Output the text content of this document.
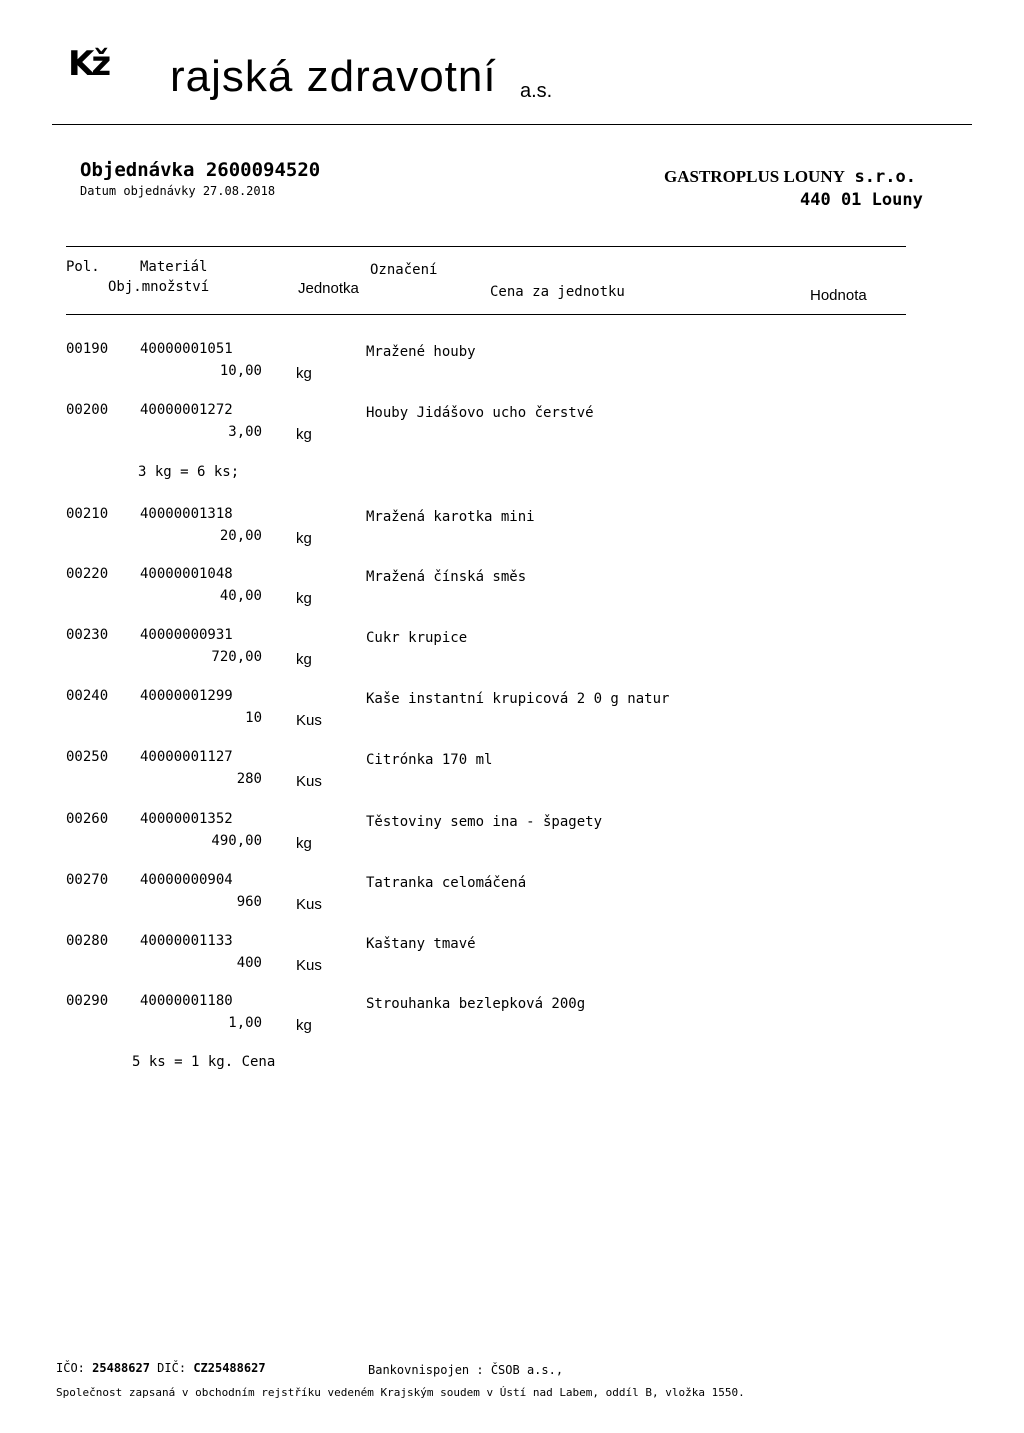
Kž rajská zdravotní a.s.
Objednávka 2600094520
Datum objednávky 27.08.2018
GASTROPLUS LOUNY s.r.o.
440 01 Louny
Pol.	Materiál	Označení
Obj.množství	Jednotka	Cena za jednotku	Hodnota
00190 40000001051	Mražené houby
10,00 kg
00200 40000001272	Houby Jidášovo ucho čerstvé
3,00 kg
00210 40000001318	Mražená karotka mini
20,00 kg
00220 40000001048	Mražená čínská směs
40,00 kg
00230 40000000931	Cukr krupice
720,00 kg
00240 40000001299	Kaše instantní krupicová 2 0 g natur
10 Kus
00250 40000001127	Citrónka 170 ml
280 Kus
00260 40000001352	Těstoviny semo ina - špagety
490,00 kg
00270 40000000904	Tatranka celomáčená
960 Kus
00280 40000001133	Kaštany tmavé
400 Kus
00290 40000001180	Strouhanka bezlepková 200g
1,00 kg
3 kg = 6 ks;
5 ks = 1 kg. Cena
IČO: 25488627 DIČ: CZ25488627	Bankovnispojen : ČSOB a.s.,
Společnost zapsaná v obchodním rejstříku vedeném Krajským soudem v Ústí nad Labem, oddíl B, vložka 1550.
